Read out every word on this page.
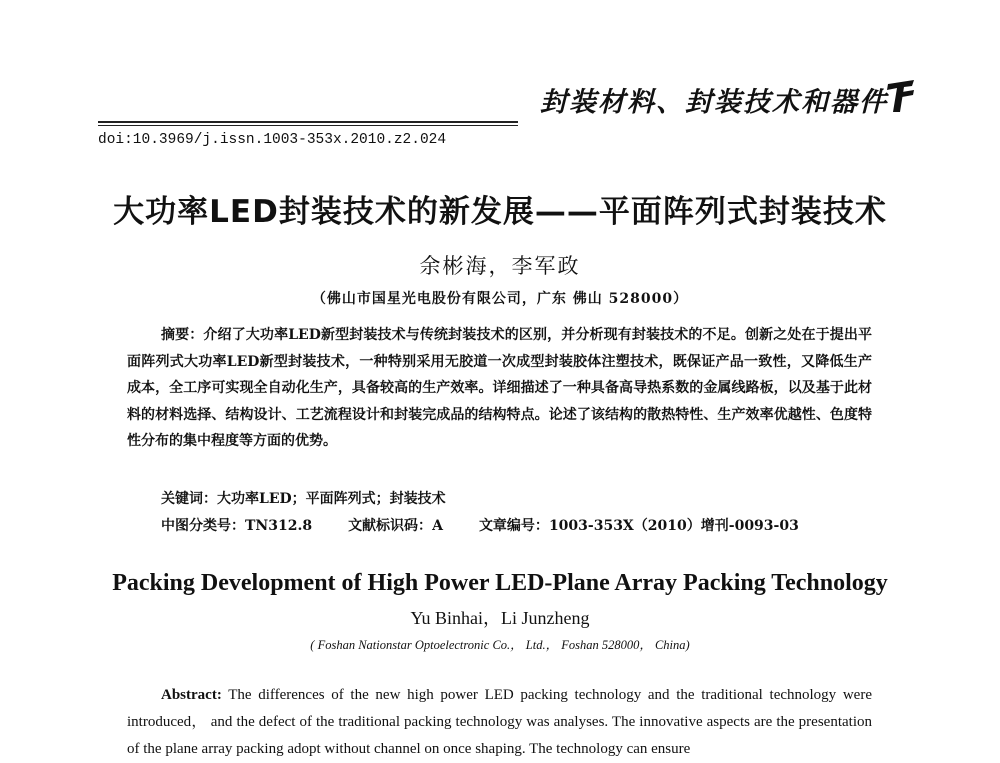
封装材料、封装技术和器件
doi:10.3969/j.issn.1003-353x.2010.z2.024
大功率LED封装技术的新发展——平面阵列式封装技术
余彬海，李军政
（佛山市国星光电股份有限公司，广东 佛山 528000）

摘要：介绍了大功率LED新型封装技术与传统封装技术的区别，并分析现有封装技术的不足。创新之处在于提出平面阵列式大功率LED新型封装技术，一种特别采用无胶道一次成型封装胶体注塑技术，既保证产品一致性，又降低生产成本，全工序可实现全自动化生产，具备较高的生产效率。详细描述了一种具备高导热系数的金属线路板，以及基于此材料的材料选择、结构设计、工艺流程设计和封装完成品的结构特点。论述了该结构的散热特性、生产效率优越性、色度特性分布的集中程度等方面的优势。

关键词：大功率LED；平面阵列式；封装技术
中图分类号：TN312.8	文献标识码：A	文章编号：1003-353X（2010）增刊-0093-03
Packing Development of High Power LED-Plane Array Packing Technology
Yu Binhai，Li Junzheng
( Foshan Nationstar Optoelectronic Co.， Ltd.， Foshan 528000， China)

Abstract: The differences of the new high power LED packing technology and the traditional technology were introduced， and the defect of the traditional packing technology was analyses. The innovative aspects are the presentation of the plane array packing adopt without channel on once shaping. The technology can ensure
